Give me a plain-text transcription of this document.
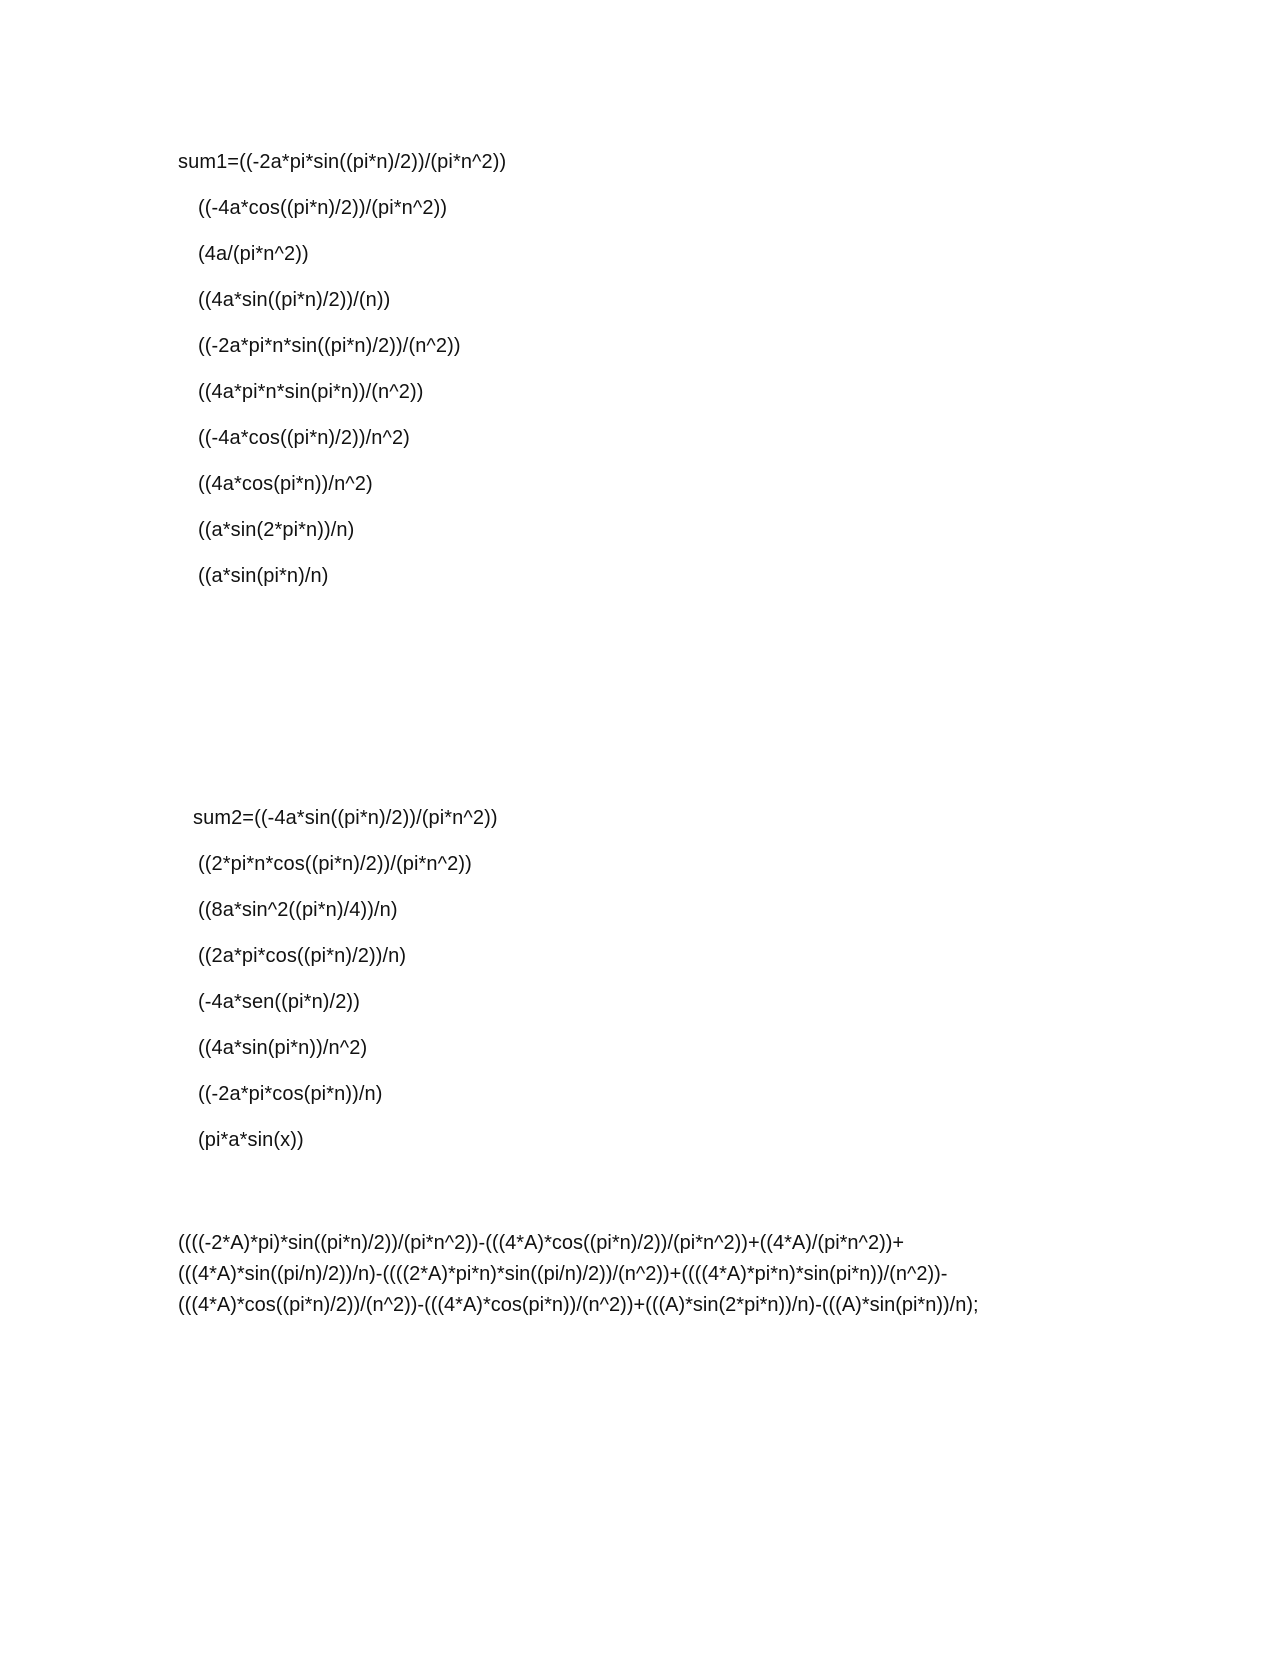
sum1=((-2a*pi*sin((pi*n)/2))/(pi*n^2))
((-4a*cos((pi*n)/2))/(pi*n^2))
(4a/(pi*n^2))
((4a*sin((pi*n)/2))/(n))
((-2a*pi*n*sin((pi*n)/2))/(n^2))
((4a*pi*n*sin(pi*n))/(n^2))
((-4a*cos((pi*n)/2))/n^2)
((4a*cos(pi*n))/n^2)
((a*sin(2*pi*n))/n)
((a*sin(pi*n)/n)
sum2=((-4a*sin((pi*n)/2))/(pi*n^2))
((2*pi*n*cos((pi*n)/2))/(pi*n^2))
((8a*sin^2((pi*n)/4))/n)
((2a*pi*cos((pi*n)/2))/n)
(-4a*sen((pi*n)/2))
((4a*sin(pi*n))/n^2)
((-2a*pi*cos(pi*n))/n)
(pi*a*sin(x))
((((-2*A)*pi)*sin((pi*n)/2))/(pi*n^2))-(((4*A)*cos((pi*n)/2))/(pi*n^2))+((4*A)/(pi*n^2))+
(((4*A)*sin((pi/n)/2))/n)-((((2*A)*pi*n)*sin((pi/n)/2))/(n^2))+((((4*A)*pi*n)*sin(pi*n))/(n^2))-
(((4*A)*cos((pi*n)/2))/(n^2))-(((4*A)*cos(pi*n))/(n^2))+(((A)*sin(2*pi*n))/n)-(((A)*sin(pi*n))/n);
